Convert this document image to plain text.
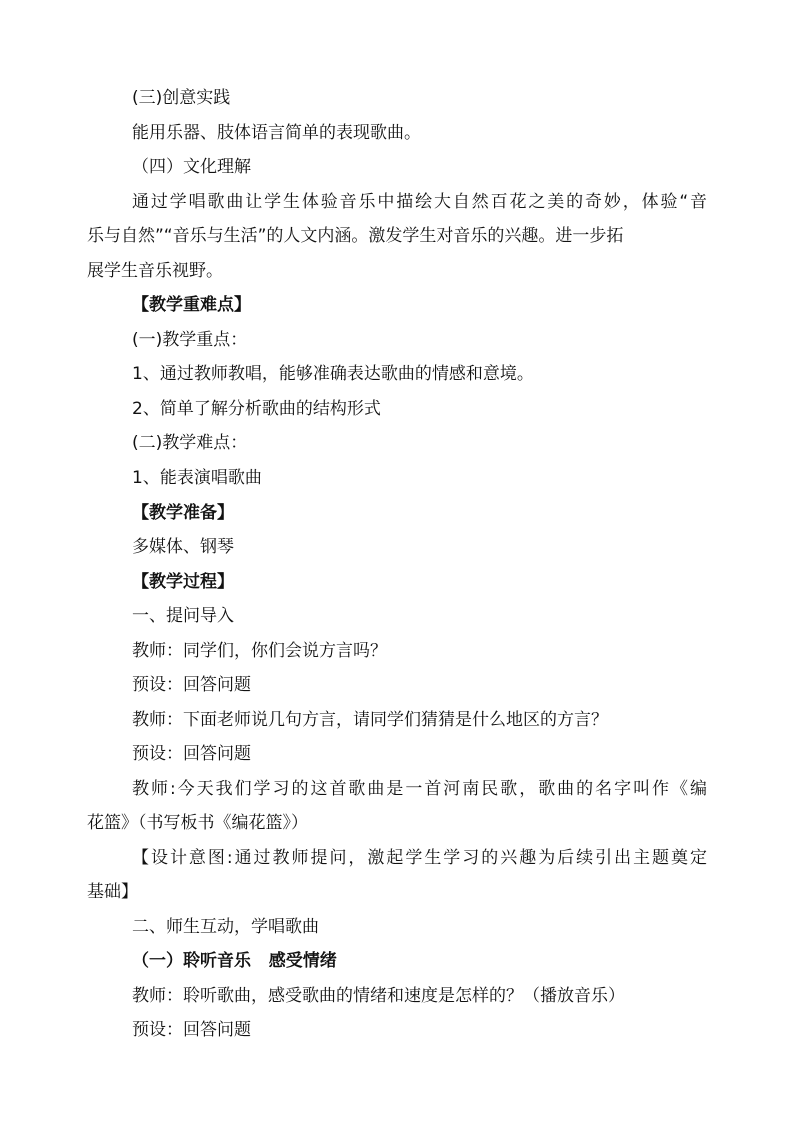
(三)创意实践
能用乐器、肢体语言简单的表现歌曲。
（四）文化理解
通过学唱歌曲让学生体验音乐中描绘大自然百花之美的奇妙，体验“音
乐与自然”“音乐与生活”的人文内涵。激发学生对音乐的兴趣。进一步拓
展学生音乐视野。
【教学重难点】
(一)教学重点：
1、通过教师教唱，能够准确表达歌曲的情感和意境。
2、简单了解分析歌曲的结构形式
(二)教学难点：
1、能表演唱歌曲
【教学准备】
多媒体、钢琴
【教学过程】
一、提问导入
教师：同学们，你们会说方言吗？
预设：回答问题
教师：下面老师说几句方言，请同学们猜猜是什么地区的方言？
预设：回答问题
教师:今天我们学习的这首歌曲是一首河南民歌，歌曲的名字叫作《编
花篮》（书写板书《编花篮》）
【设计意图:通过教师提问，激起学生学习的兴趣为后续引出主题奠定
基础】
二、师生互动，学唱歌曲
（一）聆听音乐   感受情绪
教师：聆听歌曲，感受歌曲的情绪和速度是怎样的？（播放音乐）
预设：回答问题
